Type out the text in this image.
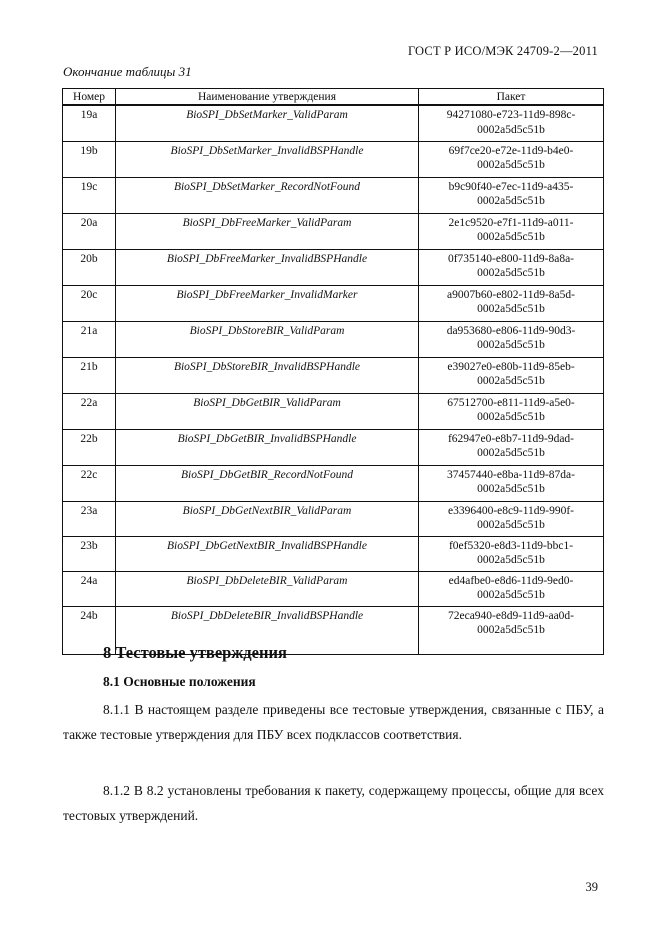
ГОСТ Р ИСО/МЭК 24709-2—2011
Окончание таблицы 31
Номер	Наименование утверждения	Пакет
19a	BioSPI_DbSetMarker_ValidParam	94271080-e723-11d9-898c-
0002a5d5c51b

19b	BioSPI_DbSetMarker_InvalidBSPHandle	69f7ce20-e72e-11d9-b4e0-
0002a5d5c51b

19c	BioSPI_DbSetMarker_RecordNotFound	b9c90f40-e7ec-11d9-a435-
0002a5d5c51b

20a	BioSPI_DbFreeMarker_ValidParam	2e1c9520-e7f1-11d9-a011-
0002a5d5c51b

20b	BioSPI_DbFreeMarker_InvalidBSPHandle	0f735140-e800-11d9-8a8a-
0002a5d5c51b

20c	BioSPI_DbFreeMarker_InvalidMarker	a9007b60-e802-11d9-8a5d-
0002a5d5c51b

21a	BioSPI_DbStoreBIR_ValidParam	da953680-e806-11d9-90d3-
0002a5d5c51b

21b	BioSPI_DbStoreBIR_InvalidBSPHandle	e39027e0-e80b-11d9-85eb-
0002a5d5c51b

22a	BioSPI_DbGetBIR_ValidParam	67512700-e811-11d9-a5e0-
0002a5d5c51b

22b	BioSPI_DbGetBIR_InvalidBSPHandle	f62947e0-e8b7-11d9-9dad-
0002a5d5c51b

22c	BioSPI_DbGetBIR_RecordNotFound	37457440-e8ba-11d9-87da-
0002a5d5c51b

23a	BioSPI_DbGetNextBIR_ValidParam	e3396400-e8c9-11d9-990f-
0002a5d5c51b

23b	BioSPI_DbGetNextBIR_InvalidBSPHandle	f0ef5320-e8d3-11d9-bbc1-
0002a5d5c51b

24a	BioSPI_DbDeleteBIR_ValidParam	ed4afbe0-e8d6-11d9-9ed0-
0002a5d5c51b

24b	BioSPI_DbDeleteBIR_InvalidBSPHandle	72eca940-e8d9-11d9-aa0d-
0002a5d5c51b
8 Тестовые утверждения
8.1 Основные положения
8.1.1 В настоящем разделе приведены все тестовые утверждения, связанные с ПБУ, а также тестовые утверждения для ПБУ всех подклассов соответствия.
8.1.2 В 8.2 установлены требования к пакету, содержащему процессы, общие для всех тестовых утверждений.
39
